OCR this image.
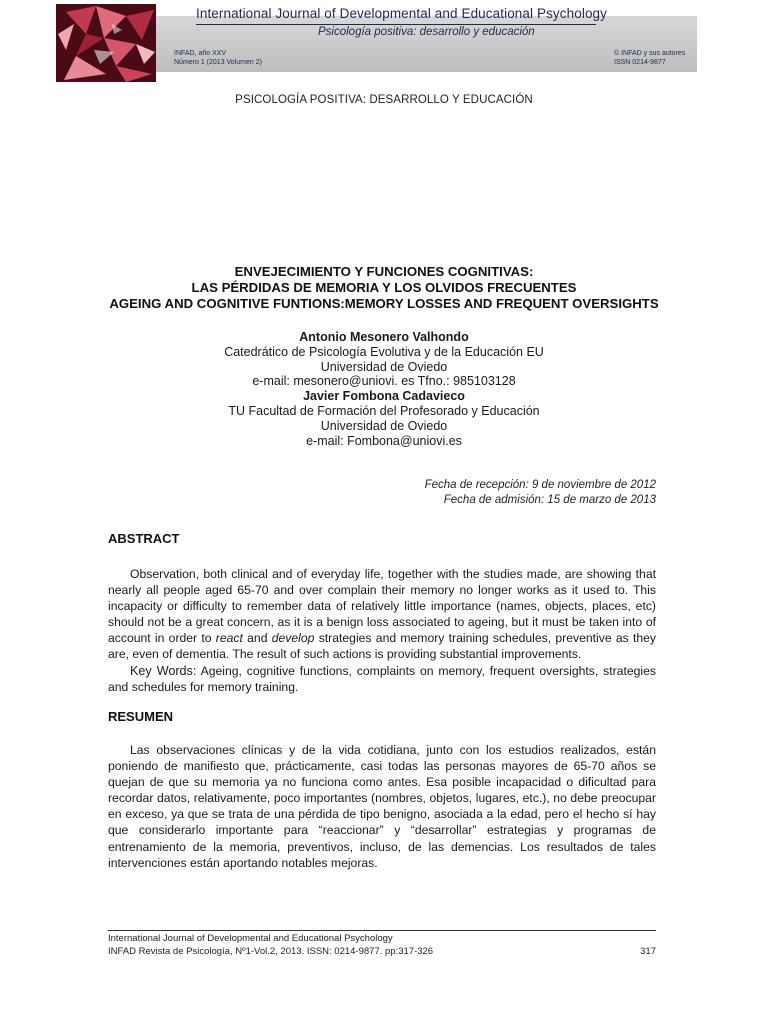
International Journal of Developmental and Educational Psychology
Psicología positiva: desarrollo y educación
INFAD, año XXV
Número 1 (2013 Volumen 2)
© INFAD y sus autores
ISSN 0214-9877
PSICOLOGÍA POSITIVA: DESARROLLO Y EDUCACIÓN
ENVEJECIMIENTO Y FUNCIONES COGNITIVAS:
LAS PÉRDIDAS DE MEMORIA Y LOS OLVIDOS FRECUENTES
AGEING AND COGNITIVE FUNTIONS:MEMORY LOSSES AND FREQUENT OVERSIGHTS
Antonio Mesonero Valhondo
Catedrático de Psicología Evolutiva y de la Educación EU
Universidad de Oviedo
e-mail: mesonero@uniovi. es Tfno.: 985103128
Javier Fombona Cadavieco
TU Facultad de Formación del Profesorado y Educación
Universidad de Oviedo
e-mail: Fombona@uniovi.es
Fecha de recepción: 9 de noviembre de 2012
Fecha de admisión: 15 de marzo de 2013
ABSTRACT
Observation, both clinical and of everyday life, together with the studies made, are showing that nearly all people aged 65-70 and over complain their memory no longer works as it used to. This incapacity or difficulty to remember data of relatively little importance (names, objects, places, etc) should not be a great concern, as it is a benign loss associated to ageing, but it must be taken into of account in order to react and develop strategies and memory training schedules, preventive as they are, even of dementia. The result of such actions is providing substantial improvements.
Key Words: Ageing, cognitive functions, complaints on memory, frequent oversights, strategies and schedules for memory training.
RESUMEN
Las observaciones clínicas y de la vida cotidiana, junto con los estudios realizados, están poniendo de manifiesto que, prácticamente, casi todas las personas mayores de 65-70 años se quejan de que su memoria ya no funciona como antes. Esa posible incapacidad o dificultad para recordar datos, relativamente, poco importantes (nombres, objetos, lugares, etc.), no debe preocupar en exceso, ya que se trata de una pérdida de tipo benigno, asociada a la edad, pero el hecho sí hay que considerarlo importante para “reaccionar” y “desarrollar” estrategias y programas de entrenamiento de la memoria, preventivos, incluso, de las demencias. Los resultados de tales intervenciones están aportando notables mejoras.
International Journal of Developmental and Educational Psychology
INFAD Revista de Psicología, Nº1-Vol.2, 2013. ISSN: 0214-9877. pp:317-326	317
